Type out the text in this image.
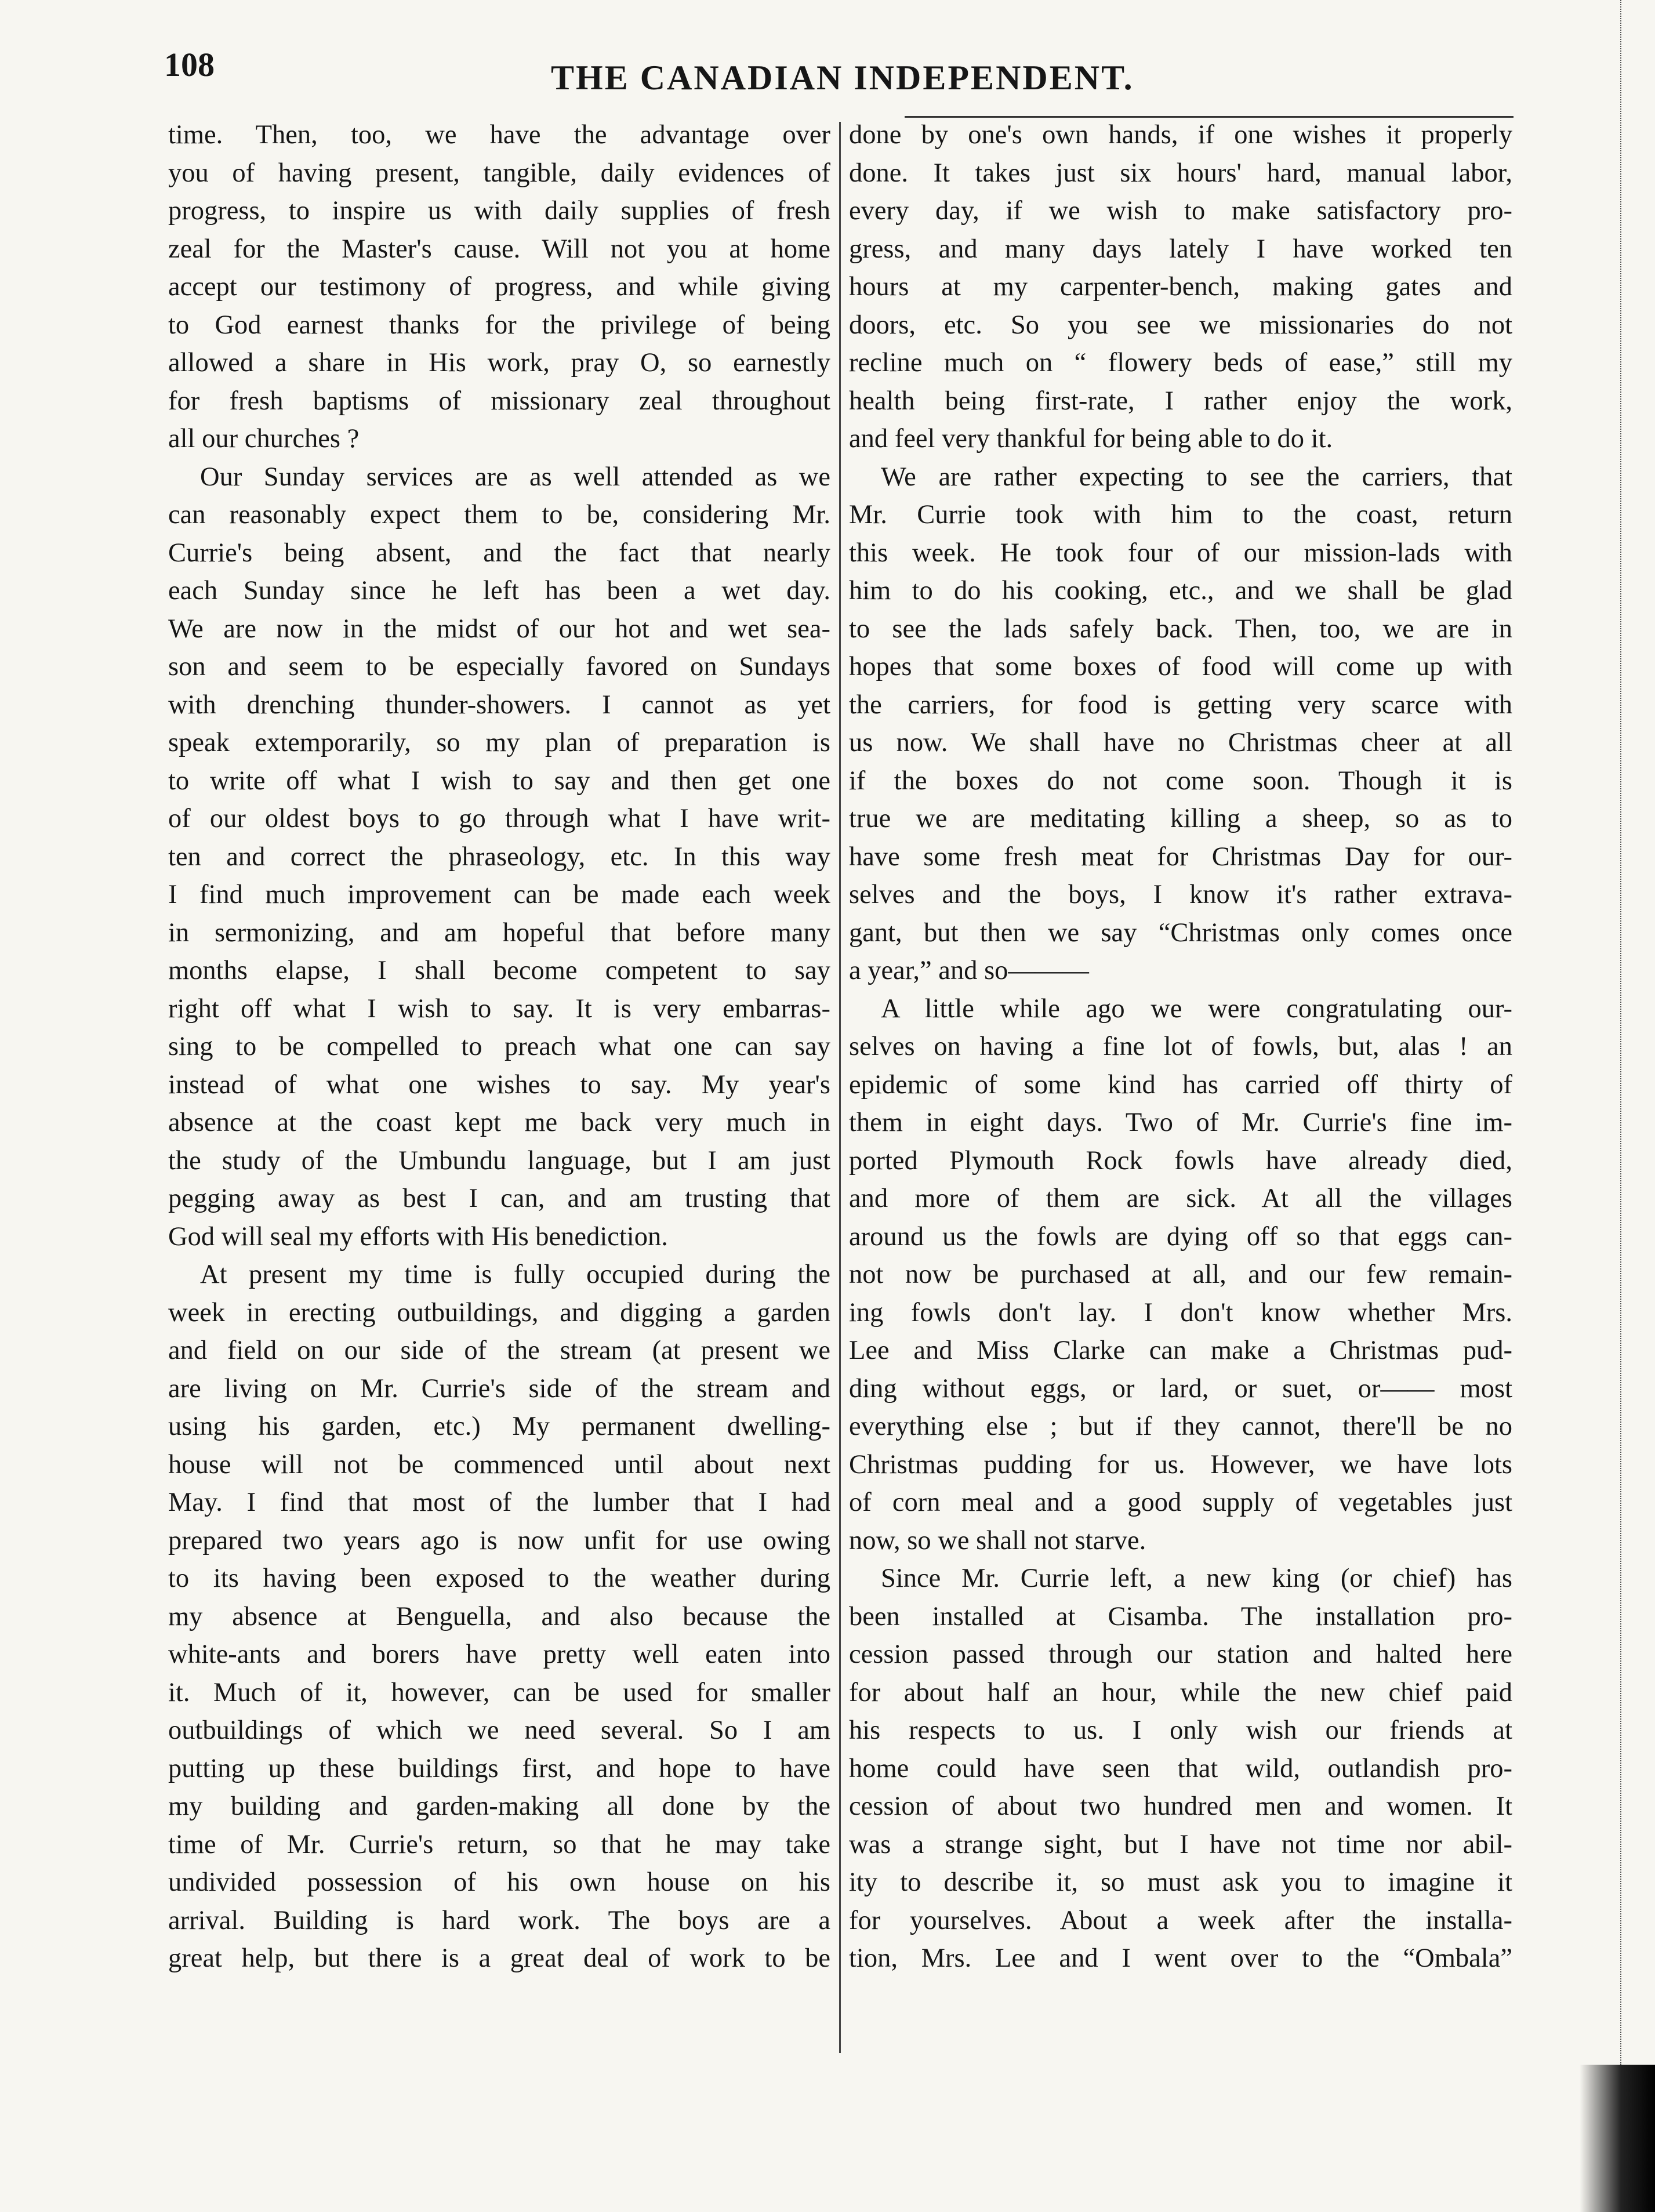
108	THE CANADIAN INDEPENDENT.
time. Then, too, we have the advantage over
you of having present, tangible, daily evidences of
progress, to inspire us with daily supplies of fresh
zeal for the Master's cause. Will not you at home
accept our testimony of progress, and while giving
to God earnest thanks for the privilege of being
allowed a share in His work, pray O, so earnestly
for fresh baptisms of missionary zeal throughout
all our churches ?
Our Sunday services are as well attended as we
can reasonably expect them to be, considering Mr.
Currie's being absent, and the fact that nearly
each Sunday since he left has been a wet day.
We are now in the midst of our hot and wet sea-
son and seem to be especially favored on Sundays
with drenching thunder-showers. I cannot as yet
speak extemporarily, so my plan of preparation is
to write off what I wish to say and then get one
of our oldest boys to go through what I have writ-
ten and correct the phraseology, etc. In this way
I find much improvement can be made each week
in sermonizing, and am hopeful that before many
months elapse, I shall become competent to say
right off what I wish to say. It is very embarras-
sing to be compelled to preach what one can say
instead of what one wishes to say. My year's
absence at the coast kept me back very much in
the study of the Umbundu language, but I am just
pegging away as best I can, and am trusting that
God will seal my efforts with His benediction.
At present my time is fully occupied during the
week in erecting outbuildings, and digging a garden
and field on our side of the stream (at present we
are living on Mr. Currie's side of the stream and
using his garden, etc.) My permanent dwelling-
house will not be commenced until about next
May. I find that most of the lumber that I had
prepared two years ago is now unfit for use owing
to its having been exposed to the weather during
my absence at Benguella, and also because the
white-ants and borers have pretty well eaten into
it. Much of it, however, can be used for smaller
outbuildings of which we need several. So I am
putting up these buildings first, and hope to have
my building and garden-making all done by the
time of Mr. Currie's return, so that he may take
undivided possession of his own house on his
arrival. Building is hard work. The boys are a
great help, but there is a great deal of work to be
done by one's own hands, if one wishes it properly
done. It takes just six hours' hard, manual labor,
every day, if we wish to make satisfactory pro-
gress, and many days lately I have worked ten
hours at my carpenter-bench, making gates and
doors, etc. So you see we missionaries do not
recline much on “ flowery beds of ease,” still my
health being first-rate, I rather enjoy the work,
and feel very thankful for being able to do it.
We are rather expecting to see the carriers, that
Mr. Currie took with him to the coast, return
this week. He took four of our mission-lads with
him to do his cooking, etc., and we shall be glad
to see the lads safely back. Then, too, we are in
hopes that some boxes of food will come up with
the carriers, for food is getting very scarce with
us now. We shall have no Christmas cheer at all
if the boxes do not come soon. Though it is
true we are meditating killing a sheep, so as to
have some fresh meat for Christmas Day for our-
selves and the boys, I know it's rather extrava-
gant, but then we say “Christmas only comes once
a year,” and so———
A little while ago we were congratulating our-
selves on having a fine lot of fowls, but, alas ! an
epidemic of some kind has carried off thirty of
them in eight days. Two of Mr. Currie's fine im-
ported Plymouth Rock fowls have already died,
and more of them are sick. At all the villages
around us the fowls are dying off so that eggs can-
not now be purchased at all, and our few remain-
ing fowls don't lay. I don't know whether Mrs.
Lee and Miss Clarke can make a Christmas pud-
ding without eggs, or lard, or suet, or—— most
everything else ; but if they cannot, there'll be no
Christmas pudding for us. However, we have lots
of corn meal and a good supply of vegetables just
now, so we shall not starve.
Since Mr. Currie left, a new king (or chief) has
been installed at Cisamba. The installation pro-
cession passed through our station and halted here
for about half an hour, while the new chief paid
his respects to us. I only wish our friends at
home could have seen that wild, outlandish pro-
cession of about two hundred men and women. It
was a strange sight, but I have not time nor abil-
ity to describe it, so must ask you to imagine it
for yourselves. About a week after the installa-
tion, Mrs. Lee and I went over to the “Ombala”
